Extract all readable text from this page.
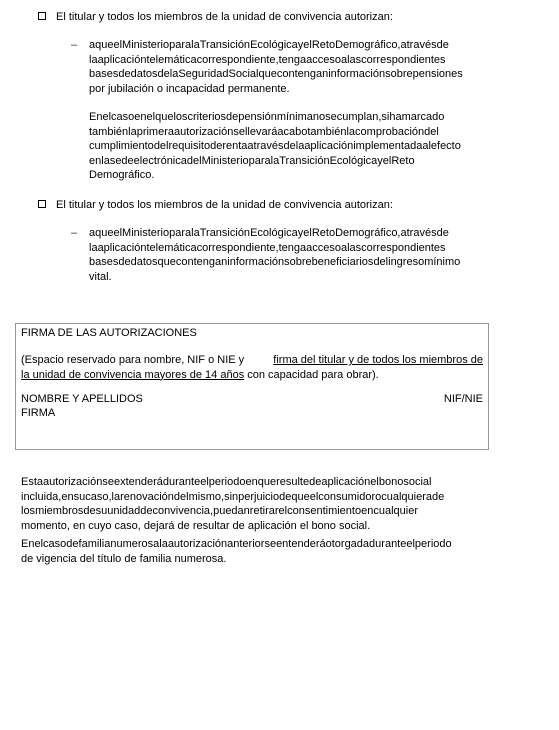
El titular y todos los miembros de la unidad de convivencia autorizan:
–	aqueelMinisterioparalaTransiciónEcológicayelRetoDemográfico,atravésde
laaplicacióntelemáticacorrespondiente,tengaaccesoalascorrespondientes
basesdedatosdelaSeguridadSocialquecontenganinformaciónsobrepensiones
por jubilación o incapacidad permanente.
Enelcasoenelqueloscriteriosdepensiónmínimanosecumplan,sihamarcado
tambiénlaprimeraautorizaciónsellevaráacabotambiénlacomprobacióndel
cumplimientodelrequisitoderentaatravésdelaaplicaciónimplementadaalefecto
enlasedeelectrónicadelMinisterioparalaTransiciónEcológicayelReto
Demográfico.
El titular y todos los miembros de la unidad de convivencia autorizan:
–	aqueelMinisterioparalaTransiciónEcológicayelRetoDemográfico,atravésde
laaplicacióntelemáticacorrespondiente,tengaaccesoalascorrespondientes
basesdedatosquecontenganinformaciónsobrebeneficiariosdelingresomínimo
vital.
FIRMA DE LAS AUTORIZACIONES
(Espacio reservado para nombre, NIF o NIE y firma del titular y de todos los miembros de
la unidad de convivencia mayores de 14 años con capacidad para obrar).
NOMBRE Y APELLIDOS	NIF/NIE
FIRMA
Estaautorizaciónseextenderáduranteelperiodoenqueresultedeaplicaciónelbonosocial
incluida,ensucaso,larenovacióndelmismo,sinperjuiciodequeelconsumidorocualquierade
losmiembrosdesuunidaddeconvivencia,puedanretirarelconsentimientoencualquier
momento, en cuyo caso, dejará de resultar de aplicación el bono social.
Enelcasodefamilianumerosalaautorizaciónanteriorseentenderáotorgadaduranteelperiodo
de vigencia del título de familia numerosa.
